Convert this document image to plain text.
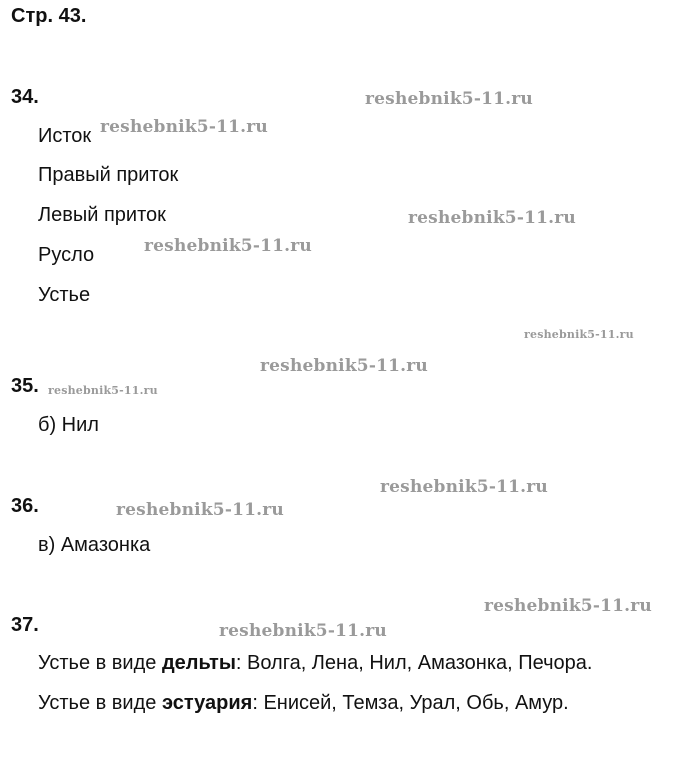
Стр. 43.
34.
Исток
Правый приток
Левый приток
Русло
Устье
35.
б) Нил
36.
в) Амазонка
37.
Устье в виде дельты: Волга, Лена, Нил, Амазонка, Печора.
Устье в виде эстуария: Енисей, Темза, Урал, Обь, Амур.
reshebnik5-11.ru
reshebnik5-11.ru
reshebnik5-11.ru
reshebnik5-11.ru
reshebnik5-11.ru
reshebnik5-11.ru
reshebnik5-11.ru
reshebnik5-11.ru
reshebnik5-11.ru
reshebnik5-11.ru
reshebnik5-11.ru
